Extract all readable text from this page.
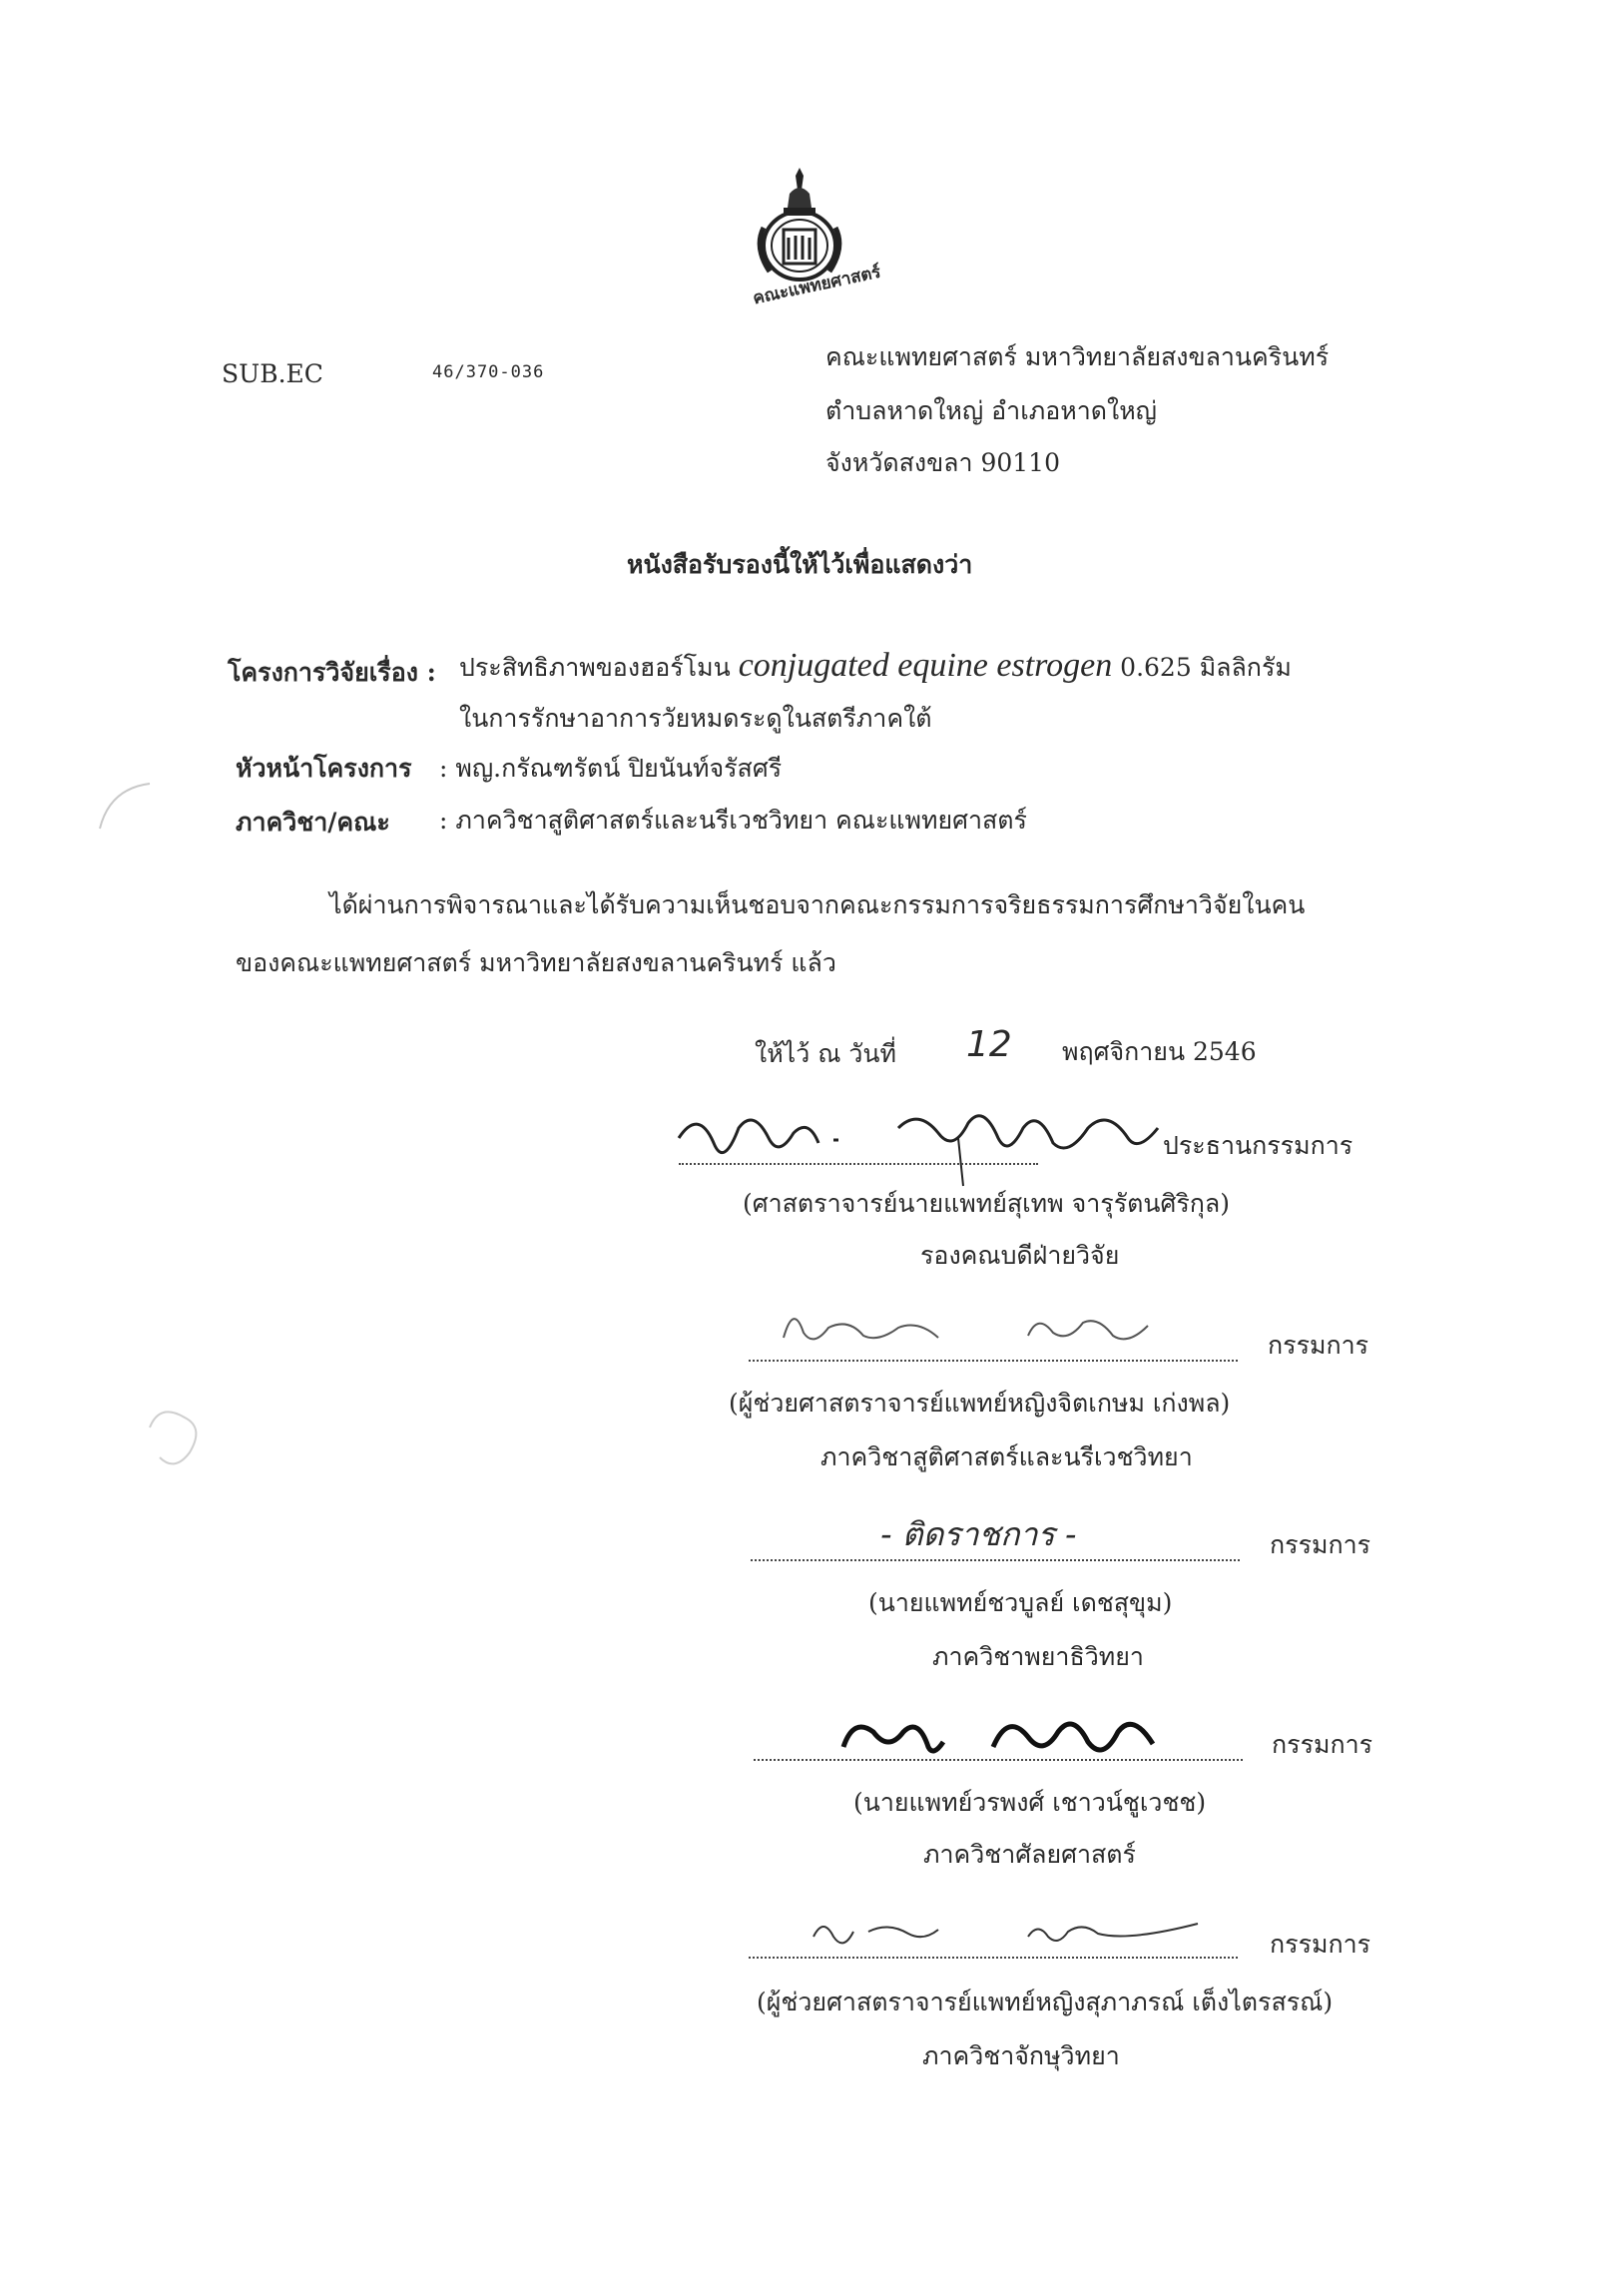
คณะแพทยศาสตร์
SUB.EC	46/370-036
คณะแพทยศาสตร์ มหาวิทยาลัยสงขลานครินทร์
ตำบลหาดใหญ่ อำเภอหาดใหญ่
จังหวัดสงขลา 90110
หนังสือรับรองนี้ให้ไว้เพื่อแสดงว่า
โครงการวิจัยเรื่อง : ประสิทธิภาพของฮอร์โมน conjugated equine estrogen 0.625 มิลลิกรัม
ในการรักษาอาการวัยหมดระดูในสตรีภาคใต้
หัวหน้าโครงการ : พญ.กรัณฑรัตน์ ปิยนันท์จรัสศรี
ภาควิชา/คณะ : ภาควิชาสูติศาสตร์และนรีเวชวิทยา คณะแพทยศาสตร์
ได้ผ่านการพิจารณาและได้รับความเห็นชอบจากคณะกรรมการจริยธรรมการศึกษาวิจัยในคน
ของคณะแพทยศาสตร์ มหาวิทยาลัยสงขลานครินทร์ แล้ว
ให้ไว้ ณ วันที่ 12 พฤศจิกายน 2546
ประธานกรรมการ
(ศาสตราจารย์นายแพทย์สุเทพ จารุรัตนศิริกุล)
รองคณบดีฝ่ายวิจัย
กรรมการ
(ผู้ช่วยศาสตราจารย์แพทย์หญิงจิตเกษม เก่งพล)
ภาควิชาสูติศาสตร์และนรีเวชวิทยา
- ติดราชการ -	กรรมการ
(นายแพทย์ชวบูลย์ เดชสุขุม)
ภาควิชาพยาธิวิทยา
กรรมการ
(นายแพทย์วรพงศ์ เชาวน์ชูเวชช)
ภาควิชาศัลยศาสตร์
กรรมการ
(ผู้ช่วยศาสตราจารย์แพทย์หญิงสุภาภรณ์ เต็งไตรสรณ์)
ภาควิชาจักษุวิทยา
